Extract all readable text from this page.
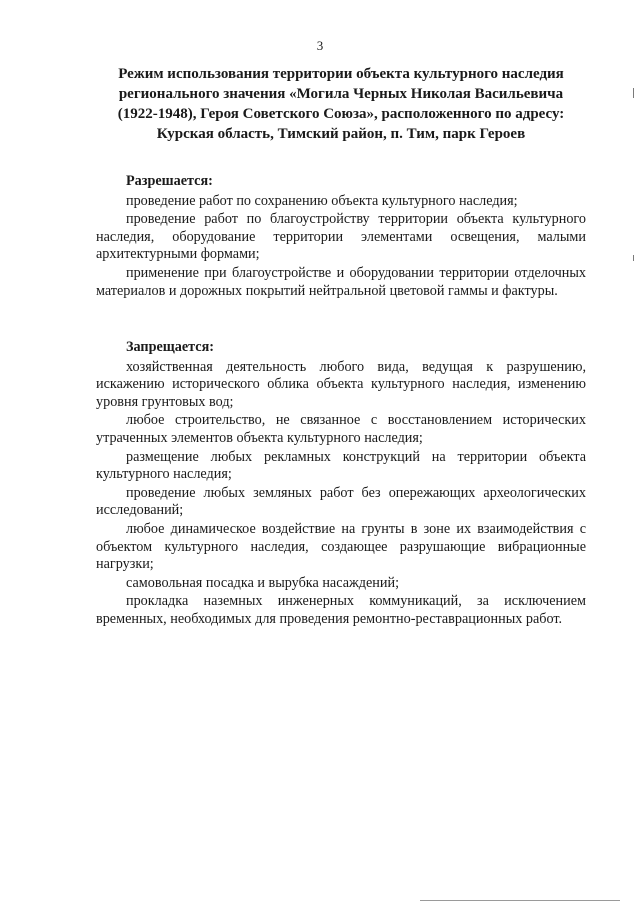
3
Режим использования территории объекта культурного наследия
регионального значения «Могила Черных Николая Васильевича
(1922-1948), Героя Советского Союза», расположенного по адресу:
Курская область, Тимский район, п. Тим, парк Героев
Разрешается:

проведение работ по сохранению объекта культурного наследия;

проведение работ по благоустройству территории объекта культурного наследия, оборудование территории элементами освещения, малыми архитектурными формами;

применение при благоустройстве и оборудовании территории отделочных материалов и дорожных покрытий нейтральной цветовой гаммы и фактуры.

Запрещается:

хозяйственная деятельность любого вида, ведущая к разрушению, искажению исторического облика объекта культурного наследия, изменению уровня грунтовых вод;

любое строительство, не связанное с восстановлением исторических утраченных элементов объекта культурного наследия;

размещение любых рекламных конструкций на территории объекта культурного наследия;

проведение любых земляных работ без опережающих археологических исследований;

любое динамическое воздействие на грунты в зоне их взаимодействия с объектом культурного наследия, создающее разрушающие вибрационные нагрузки;

самовольная посадка и вырубка насаждений;

прокладка наземных инженерных коммуникаций, за исключением временных, необходимых для проведения ремонтно-реставрационных работ.
